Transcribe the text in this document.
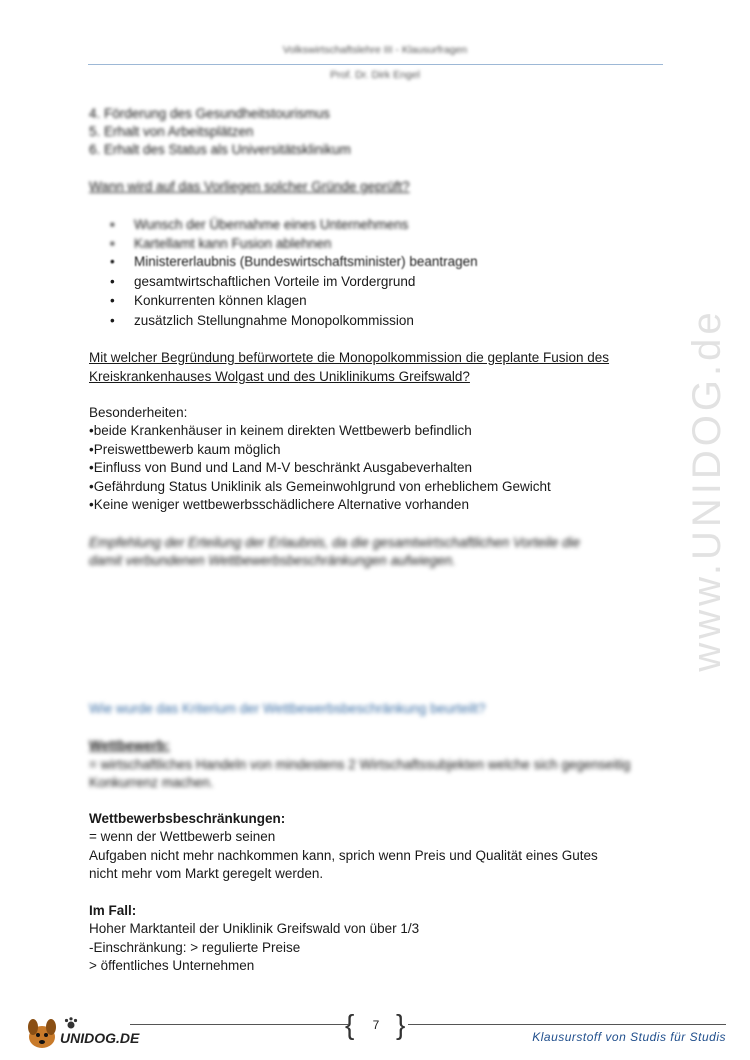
Volkswirtschaftslehre III - Klausurfragen
Prof. Dr. Dirk Engel
4. Förderung des Gesundheitstourismus
5. Erhalt von Arbeitsplätzen
6. Erhalt des Status als Universitätsklinikum
Wann wird auf das Vorliegen solcher Gründe geprüft?
• Wunsch der Übernahme eines Unternehmens
• Kartellamt kann Fusion ablehnen
• Ministererlaubnis (Bundeswirtschaftsminister) beantragen
• gesamtwirtschaftlichen Vorteile im Vordergrund
• Konkurrenten können klagen
• zusätzlich Stellungnahme Monopolkommission
Mit welcher Begründung befürwortete die Monopolkommission die geplante Fusion des
Kreiskrankenhauses Wolgast und des Uniklinikums Greifswald?
Besonderheiten:
•beide Krankenhäuser in keinem direkten Wettbewerb befindlich
•Preiswettbewerb kaum möglich
•Einfluss von Bund und Land M-V beschränkt Ausgabeverhalten
•Gefährdung Status Uniklinik als Gemeinwohlgrund von erheblichem Gewicht
•Keine weniger wettbewerbsschädlichere Alternative vorhanden
Empfehlung der Erteilung der Erlaubnis, da die gesamtwirtschaftlichen Vorteile die
damit verbundenen Wettbewerbsbeschränkungen aufwiegen.	www.UNIDOG.de
Wie wurde das Kriterium der Wettbewerbsbeschränkung beurteilt?
Wettbewerb:
= wirtschaftliches Handeln von mindestens 2 Wirtschaftssubjekten welche sich gegenseitig
Konkurrenz machen.
Wettbewerbsbeschränkungen:
= wenn der Wettbewerb seinen
Aufgaben nicht mehr nachkommen kann, sprich wenn Preis und Qualität eines Gutes
nicht mehr vom Markt geregelt werden.
Im Fall:
Hoher Marktanteil der Uniklinik Greifswald von über 1/3
-Einschränkung: > regulierte Preise
> öffentliches Unternehmen
UNIDOG.DE	{	7 }	Klausurstoff von Studis für Studis
